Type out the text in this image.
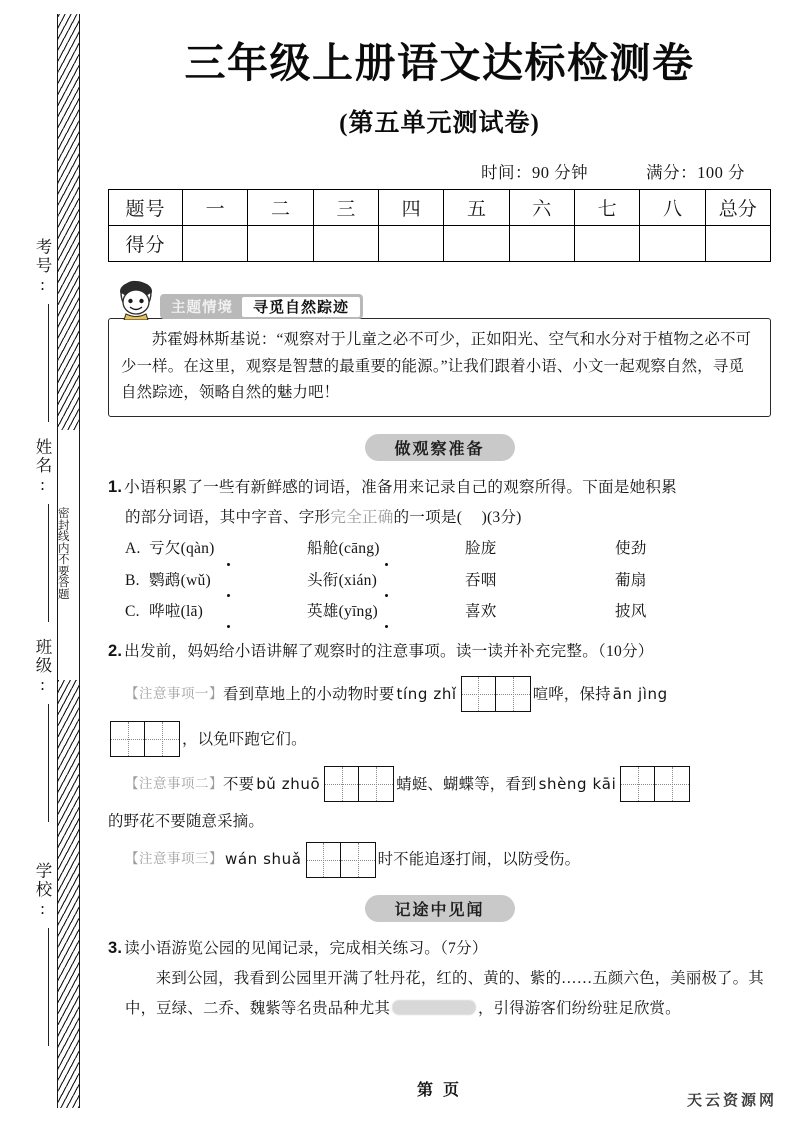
密封线内不要答题
考号:
姓名:
班级:
学校:
三年级上册语文达标检测卷
(第五单元测试卷)
时间：90 分钟	满分：100 分
题号	一	二	三	四	五	六	七	八	总分
得分									
主题情境	寻觅自然踪迹
苏霍姆林斯基说：“观察对于儿童之必不可少，正如阳光、空气和水分对于植物之必不可少一样。在这里，观察是智慧的最重要的能源。”让我们跟着小语、小文一起观察自然，寻觅自然踪迹，领略自然的魅力吧！
做观察准备
1. 小语积累了一些有新鲜感的词语，准备用来记录自己的观察所得。下面是她积累
的部分词语，其中字音、字形完全正确的一项是( )(3分)
A. 亏欠(qàn)	船舱(cāng)	脸庞	使劲
B. 鹦鹉(wǔ)	头衔(xián)	吞咽	葡扇
C. 哗啦(lā)	英雄(yīng)	喜欢	披风
2. 出发前，妈妈给小语讲解了观察时的注意事项。读一读并补充完整。（10分）
【注意事项一】 看到草地上的小动物时要 tíng zhǐ	喧哗，保持 ān jìng
，以免吓跑它们。
【注意事项二】 不要 bǔ zhuō	蜻蜓、蝴蝶等，看到 shèng kāi
的野花不要随意采摘。
【注意事项三】 wán shuǎ	时不能追逐打闹，以防受伤。
记途中见闻
3. 读小语游览公园的见闻记录，完成相关练习。（7分）
来到公园，我看到公园里开满了牡丹花，红的、黄的、紫的……五颜六色，美丽极了。其中，豆绿、二乔、魏紫等名贵品种尤其	，引得游客们纷纷驻足欣赏。
第 页
天云资源网
